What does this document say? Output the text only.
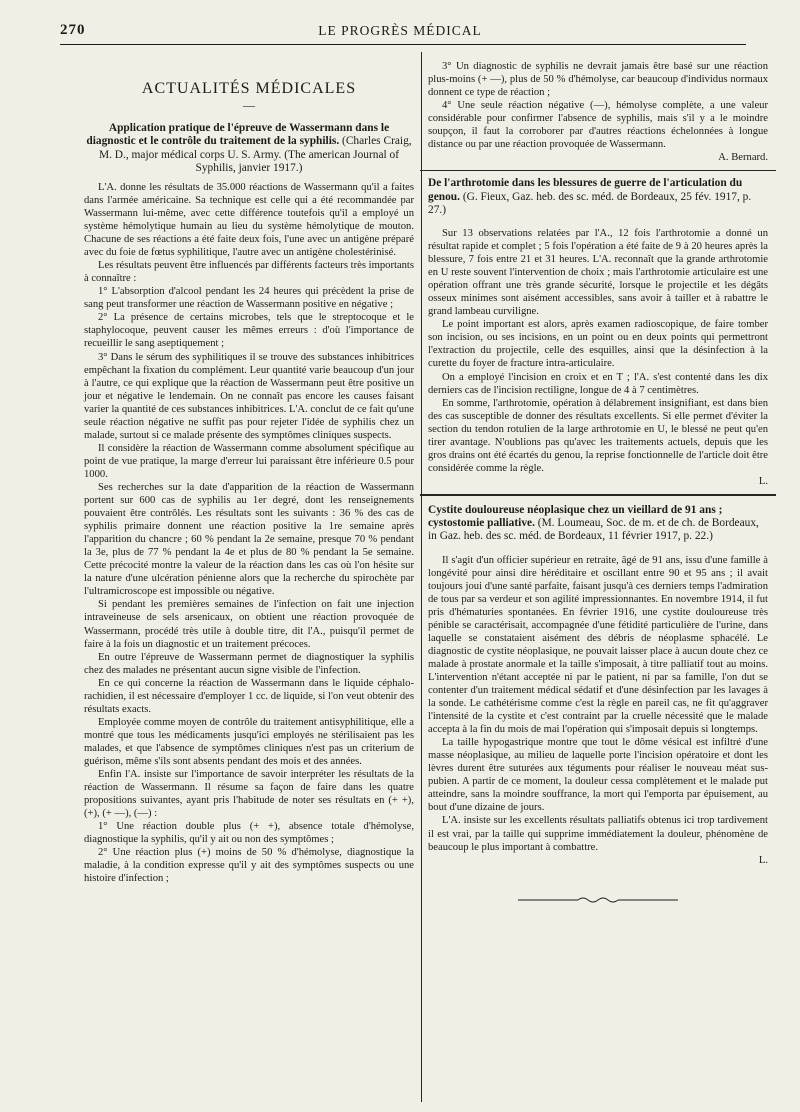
270	LE PROGRÈS MÉDICAL
ACTUALITÉS MÉDICALES
—
Application pratique de l'épreuve de Wassermann dans le diagnostic et le contrôle du traitement de la syphilis. (Charles Craig, M. D., major médical corps U. S. Army. (The american Journal of Syphilis, janvier 1917.)

L'A. donne les résultats de 35.000 réactions de Wassermann qu'il a faites dans l'armée américaine. Sa technique est celle qui a été recommandée par Wassermann lui-même, avec cette différence toutefois qu'il a employé un système hémolytique humain au lieu du système hémolytique de mouton. Chacune de ses réactions a été faite deux fois, l'une avec un antigène préparé avec du foie de fœtus syphilitique, l'autre avec un antigène cholestérinisé.

Les résultats peuvent être influencés par différents facteurs très importants à connaître :

1° L'absorption d'alcool pendant les 24 heures qui précèdent la prise de sang peut transformer une réaction de Wassermann positive en négative ;

2° La présence de certains microbes, tels que le streptocoque et le staphylocoque, peuvent causer les mêmes erreurs : d'où l'importance de recueillir le sang aseptiquement ;

3° Dans le sérum des syphilitiques il se trouve des substances inhibitrices empêchant la fixation du complément. Leur quantité varie beaucoup d'un jour à l'autre, ce qui explique que la réaction de Wassermann peut être positive un jour et négative le lendemain. On ne connaît pas encore les causes faisant varier la quantité de ces substances inhibitrices. L'A. conclut de ce fait qu'une seule réaction négative ne suffit pas pour rejeter l'idée de syphilis chez un malade, surtout si ce malade présente des symptômes cliniques suspects.

Il considère la réaction de Wassermann comme absolument spécifique au point de vue pratique, la marge d'erreur lui paraissant être inférieure 0.5 pour 1000.

Ses recherches sur la date d'apparition de la réaction de Wassermann portent sur 600 cas de syphilis au 1er degré, dont les renseignements pouvaient être contrôlés. Les résultats sont les suivants : 36 % des cas de syphilis primaire donnent une réaction positive la 1re semaine après l'apparition du chancre ; 60 % pendant la 2e semaine, presque 70 % pendant la 3e, plus de 77 % pendant la 4e et plus de 80 % pendant la 5e semaine. Cette précocité montre la valeur de la réaction dans les cas où l'on hésite sur la nature d'une ulcération pénienne alors que la recherche du spirochète par l'ultramicroscope est impossible ou négative.

Si pendant les premières semaines de l'infection on fait une injection intraveineuse de sels arsenicaux, on obtient une réaction provoquée de Wassermann, procédé très utile à double titre, dit l'A., puisqu'il permet de faire à la fois un diagnostic et un traitement précoces.

En outre l'épreuve de Wassermann permet de diagnostiquer la syphilis chez des malades ne présentant aucun signe visible de l'infection.

En ce qui concerne la réaction de Wassermann dans le liquide céphalo-rachidien, il est nécessaire d'employer 1 cc. de liquide, si l'on veut obtenir des résultats exacts.

Employée comme moyen de contrôle du traitement antisyphilitique, elle a montré que tous les médicaments jusqu'ici employés ne stérilisaient pas les malades, et que l'absence de symptômes cliniques n'est pas un criterium de guérison, même s'ils sont absents pendant des mois et des années.

Enfin l'A. insiste sur l'importance de savoir interpréter les résultats de la réaction de Wassermann. Il résume sa façon de faire dans les quatre propositions suivantes, ayant pris l'habitude de noter ses résultats en (+ +), (+), (+ —), (—) :

1° Une réaction double plus (+ +), absence totale d'hémolyse, diagnostique la syphilis, qu'il y ait ou non des symptômes ;

2° Une réaction plus (+) moins de 50 % d'hémolyse, diagnostique la maladie, à la condition expresse qu'il y ait des symptômes suspects ou une histoire d'infection ;

3° Un diagnostic de syphilis ne devrait jamais être basé sur une réaction plus-moins (+ —), plus de 50 % d'hémolyse, car beaucoup d'individus normaux donnent ce type de réaction ;

4° Une seule réaction négative (—), hémolyse complète, a une valeur considérable pour confirmer l'absence de syphilis, mais s'il y a le moindre soupçon, il faut la corroborer par d'autres réactions échelonnées à longue distance ou par une réaction provoquée de Wassermann.

A. Bernard.
De l'arthrotomie dans les blessures de guerre de l'articulation du genou. (G. Fieux, Gaz. heb. des sc. méd. de Bordeaux, 25 fév. 1917, p. 27.)

Sur 13 observations relatées par l'A., 12 fois l'arthrotomie a donné un résultat rapide et complet ; 5 fois l'opération a été faite de 9 à 20 heures après la blessure, 7 fois entre 21 et 31 heures. L'A. reconnaît que la grande arthrotomie en U reste souvent l'intervention de choix ; mais l'arthrotomie articulaire est une opération offrant une très grande sécurité, lorsque le projectile et les dégâts osseux minimes sont aisément accessibles, sans avoir à tailler et à rabattre le grand lambeau curviligne.

Le point important est alors, après examen radioscopique, de faire tomber son incision, ou ses incisions, en un point ou en deux points qui permettront l'extraction du projectile, celle des esquilles, ainsi que la désinfection à la curette du foyer de fracture intra-articulaire.

On a employé l'incision en croix et en T ; l'A. s'est contenté dans les dix derniers cas de l'incision rectiligne, longue de 4 à 7 centimètres.

En somme, l'arthrotomie, opération à délabrement insignifiant, est dans bien des cas susceptible de donner des résultats excellents. Si elle permet d'éviter la section du tendon rotulien de la large arthrotomie en U, le blessé ne peut qu'en tirer avantage. N'oublions pas qu'avec les traitements actuels, depuis que les gros drains ont été écartés du genou, la reprise fonctionnelle de l'article doit être considérée comme la règle.

L.
Cystite douloureuse néoplasique chez un vieillard de 91 ans ; cystostomie palliative. (M. Loumeau, Soc. de m. et de ch. de Bordeaux, in Gaz. heb. des sc. méd. de Bordeaux, 11 février 1917, p. 22.)

Il s'agit d'un officier supérieur en retraite, âgé de 91 ans, issu d'une famille à longévité pour ainsi dire héréditaire et oscillant entre 90 et 95 ans ; il avait toujours joui d'une santé parfaite, faisant jusqu'à ces derniers temps l'admiration de tous par sa verdeur et son agilité impressionnantes. En novembre 1914, il fut pris d'hématuries spontanées. En février 1916, une cystite douloureuse très pénible se caractérisait, accompagnée d'une fétidité particulière de l'urine, dans laquelle se constataient aisément des débris de néoplasme sphacélé. Le diagnostic de cystite néoplasique, ne pouvait laisser place à aucun doute chez ce malade à prostate anormale et la taille s'imposait, à titre palliatif tout au moins. L'intervention n'étant acceptée ni par le patient, ni par sa famille, l'on dut se contenter d'un traitement médical sédatif et d'une désinfection par les lavages à la sonde. Le cathétérisme comme c'est la règle en pareil cas, ne fit qu'aggraver l'intensité de la cystite et c'est contraint par la cruelle nécessité que le malade accepta à la fin du mois de mai l'opération qui s'imposait depuis si longtemps.

La taille hypogastrique montre que tout le dôme vésical est infiltré d'une masse néoplasique, au milieu de laquelle porte l'incision opératoire et dont les lèvres durent être suturées aux téguments pour réaliser le nouveau méat sus-pubien. A partir de ce moment, la douleur cessa complètement et le malade put atteindre, sans la moindre souffrance, la mort qui l'emporta par épuisement, au bout d'une dizaine de jours.

L'A. insiste sur les excellents résultats palliatifs obtenus ici trop tardivement il est vrai, par la taille qui supprime immédiatement la douleur, phénomène de beaucoup le plus important à combattre.

L.
